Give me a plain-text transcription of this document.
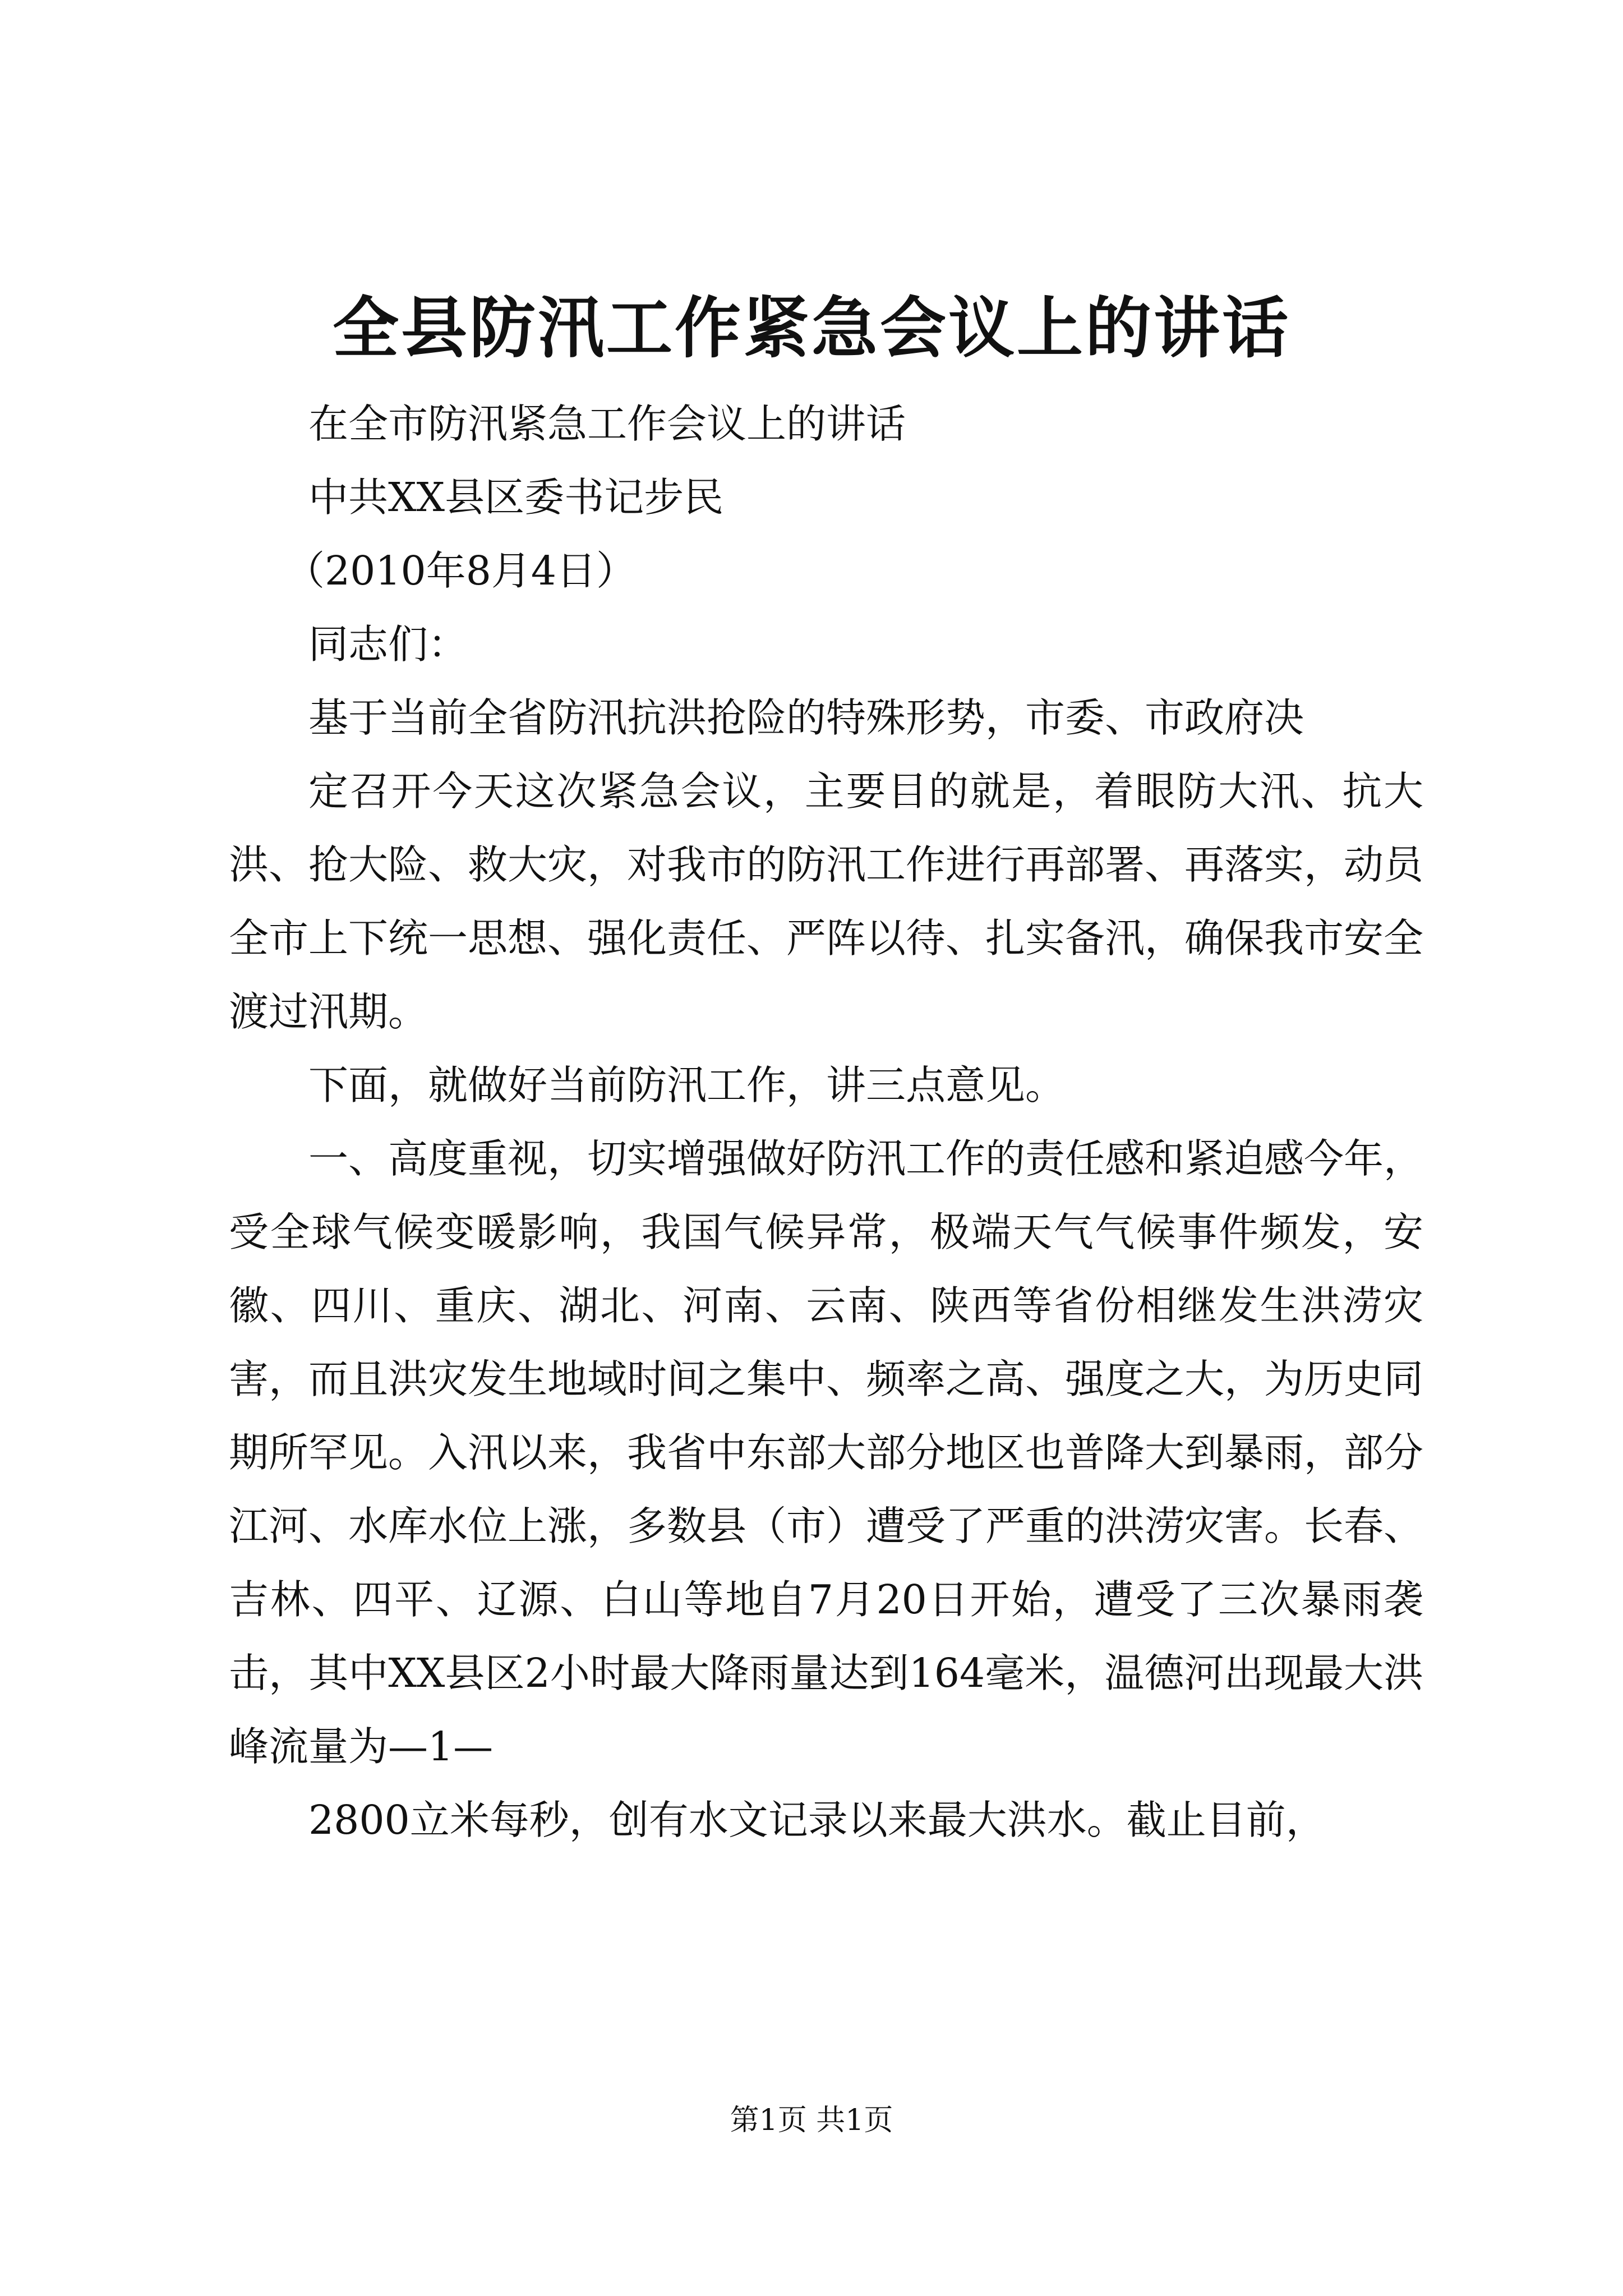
全县防汛工作紧急会议上的讲话

在全市防汛紧急工作会议上的讲话

中共XX县区委书记步民

（2010年8月4日）

同志们：

基于当前全省防汛抗洪抢险的特殊形势，市委、市政府决

定召开今天这次紧急会议，主要目的就是，着眼防大汛、抗大洪、抢大险、救大灾，对我市的防汛工作进行再部署、再落实，动员全市上下统一思想、强化责任、严阵以待、扎实备汛，确保我市安全渡过汛期。

下面，就做好当前防汛工作，讲三点意见。

一、高度重视，切实增强做好防汛工作的责任感和紧迫感今年，受全球气候变暖影响，我国气候异常，极端天气气候事件频发，安徽、四川、重庆、湖北、河南、云南、陕西等省份相继发生洪涝灾害，而且洪灾发生地域时间之集中、频率之高、强度之大，为历史同期所罕见。入汛以来，我省中东部大部分地区也普降大到暴雨，部分江河、水库水位上涨，多数县（市）遭受了严重的洪涝灾害。长春、吉林、四平、辽源、白山等地自7月20日开始，遭受了三次暴雨袭击，其中XX县区2小时最大降雨量达到164毫米，温德河出现最大洪峰流量为—1—

2800立米每秒，创有水文记录以来最大洪水。截止目前，

第1页 共1页
